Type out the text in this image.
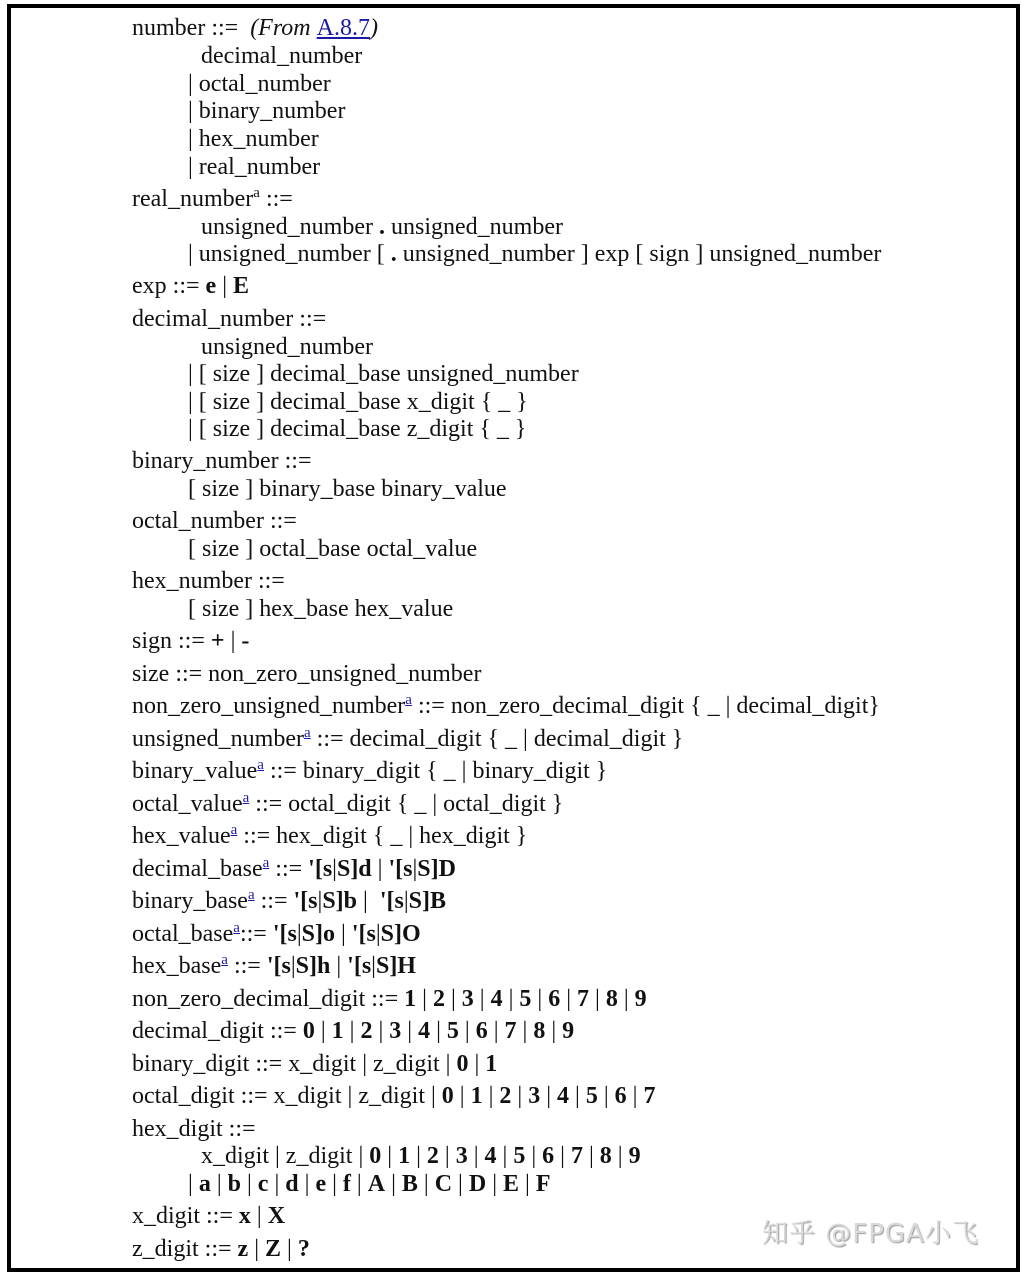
number ::=  (From A.8.7)
decimal_number
| octal_number
| binary_number
| hex_number
| real_number
real_number$^a$ ::=
unsigned_number . unsigned_number
| unsigned_number [ . unsigned_number ] exp [ sign ] unsigned_number
exp ::= e | E
decimal_number ::=
unsigned_number
| [ size ] decimal_base unsigned_number
| [ size ] decimal_base x_digit { _ }
| [ size ] decimal_base z_digit { _ }
binary_number ::=
[ size ] binary_base binary_value
octal_number ::=
[ size ] octal_base octal_value
hex_number ::=
[ size ] hex_base hex_value
sign ::= + | -
size ::= non_zero_unsigned_number
non_zero_unsigned_number$^a$ ::= non_zero_decimal_digit { _ | decimal_digit}
unsigned_number$^a$ ::= decimal_digit { _ | decimal_digit }
binary_value$^a$ ::= binary_digit { _ | binary_digit }
octal_value$^a$ ::= octal_digit { _ | octal_digit }
hex_value$^a$ ::= hex_digit { _ | hex_digit }
decimal_base$^a$ ::= '[s|S]d | '[s|S]D
binary_base$^a$ ::= '[s|S]b |  '[s|S]B
octal_base$^a$::= '[s|S]o | '[s|S]O
hex_base$^a$ ::= '[s|S]h | '[s|S]H
non_zero_decimal_digit ::= 1 | 2 | 3 | 4 | 5 | 6 | 7 | 8 | 9
decimal_digit ::= 0 | 1 | 2 | 3 | 4 | 5 | 6 | 7 | 8 | 9
binary_digit ::= x_digit | z_digit | 0 | 1
octal_digit ::= x_digit | z_digit | 0 | 1 | 2 | 3 | 4 | 5 | 6 | 7
hex_digit ::=
x_digit | z_digit | 0 | 1 | 2 | 3 | 4 | 5 | 6 | 7 | 8 | 9
| a | b | c | d | e | f | A | B | C | D | E | F
x_digit ::= x | X
z_digit ::= z | Z | ?	知乎 @FPGA小飞
